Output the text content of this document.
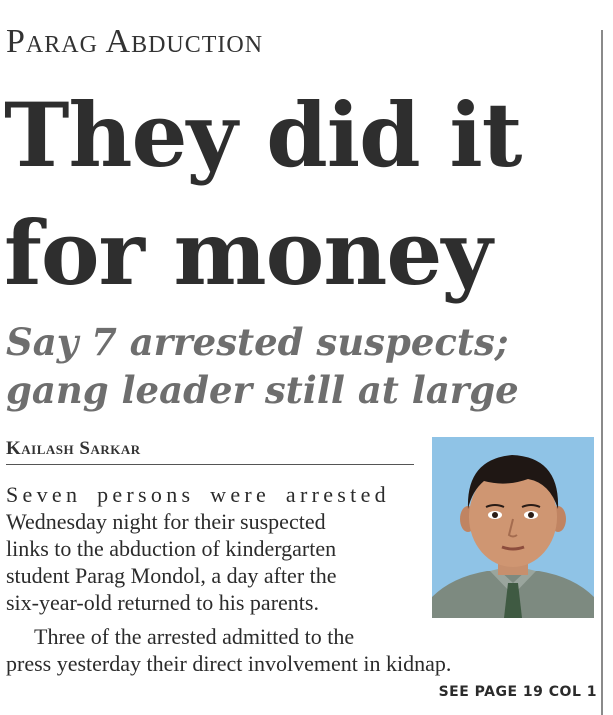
Parag Abduction
They did it
for money
Say 7 arrested suspects;
gang leader still at large
Kailash Sarkar
Seven persons were arrested
Wednesday night for their suspected
links to the abduction of kindergarten
student Parag Mondol, a day after the
six-year-old returned to his parents.
Three of the arrested admitted to the
press yesterday their direct involvement in kidnap.
SEE PAGE 19 COL 1
